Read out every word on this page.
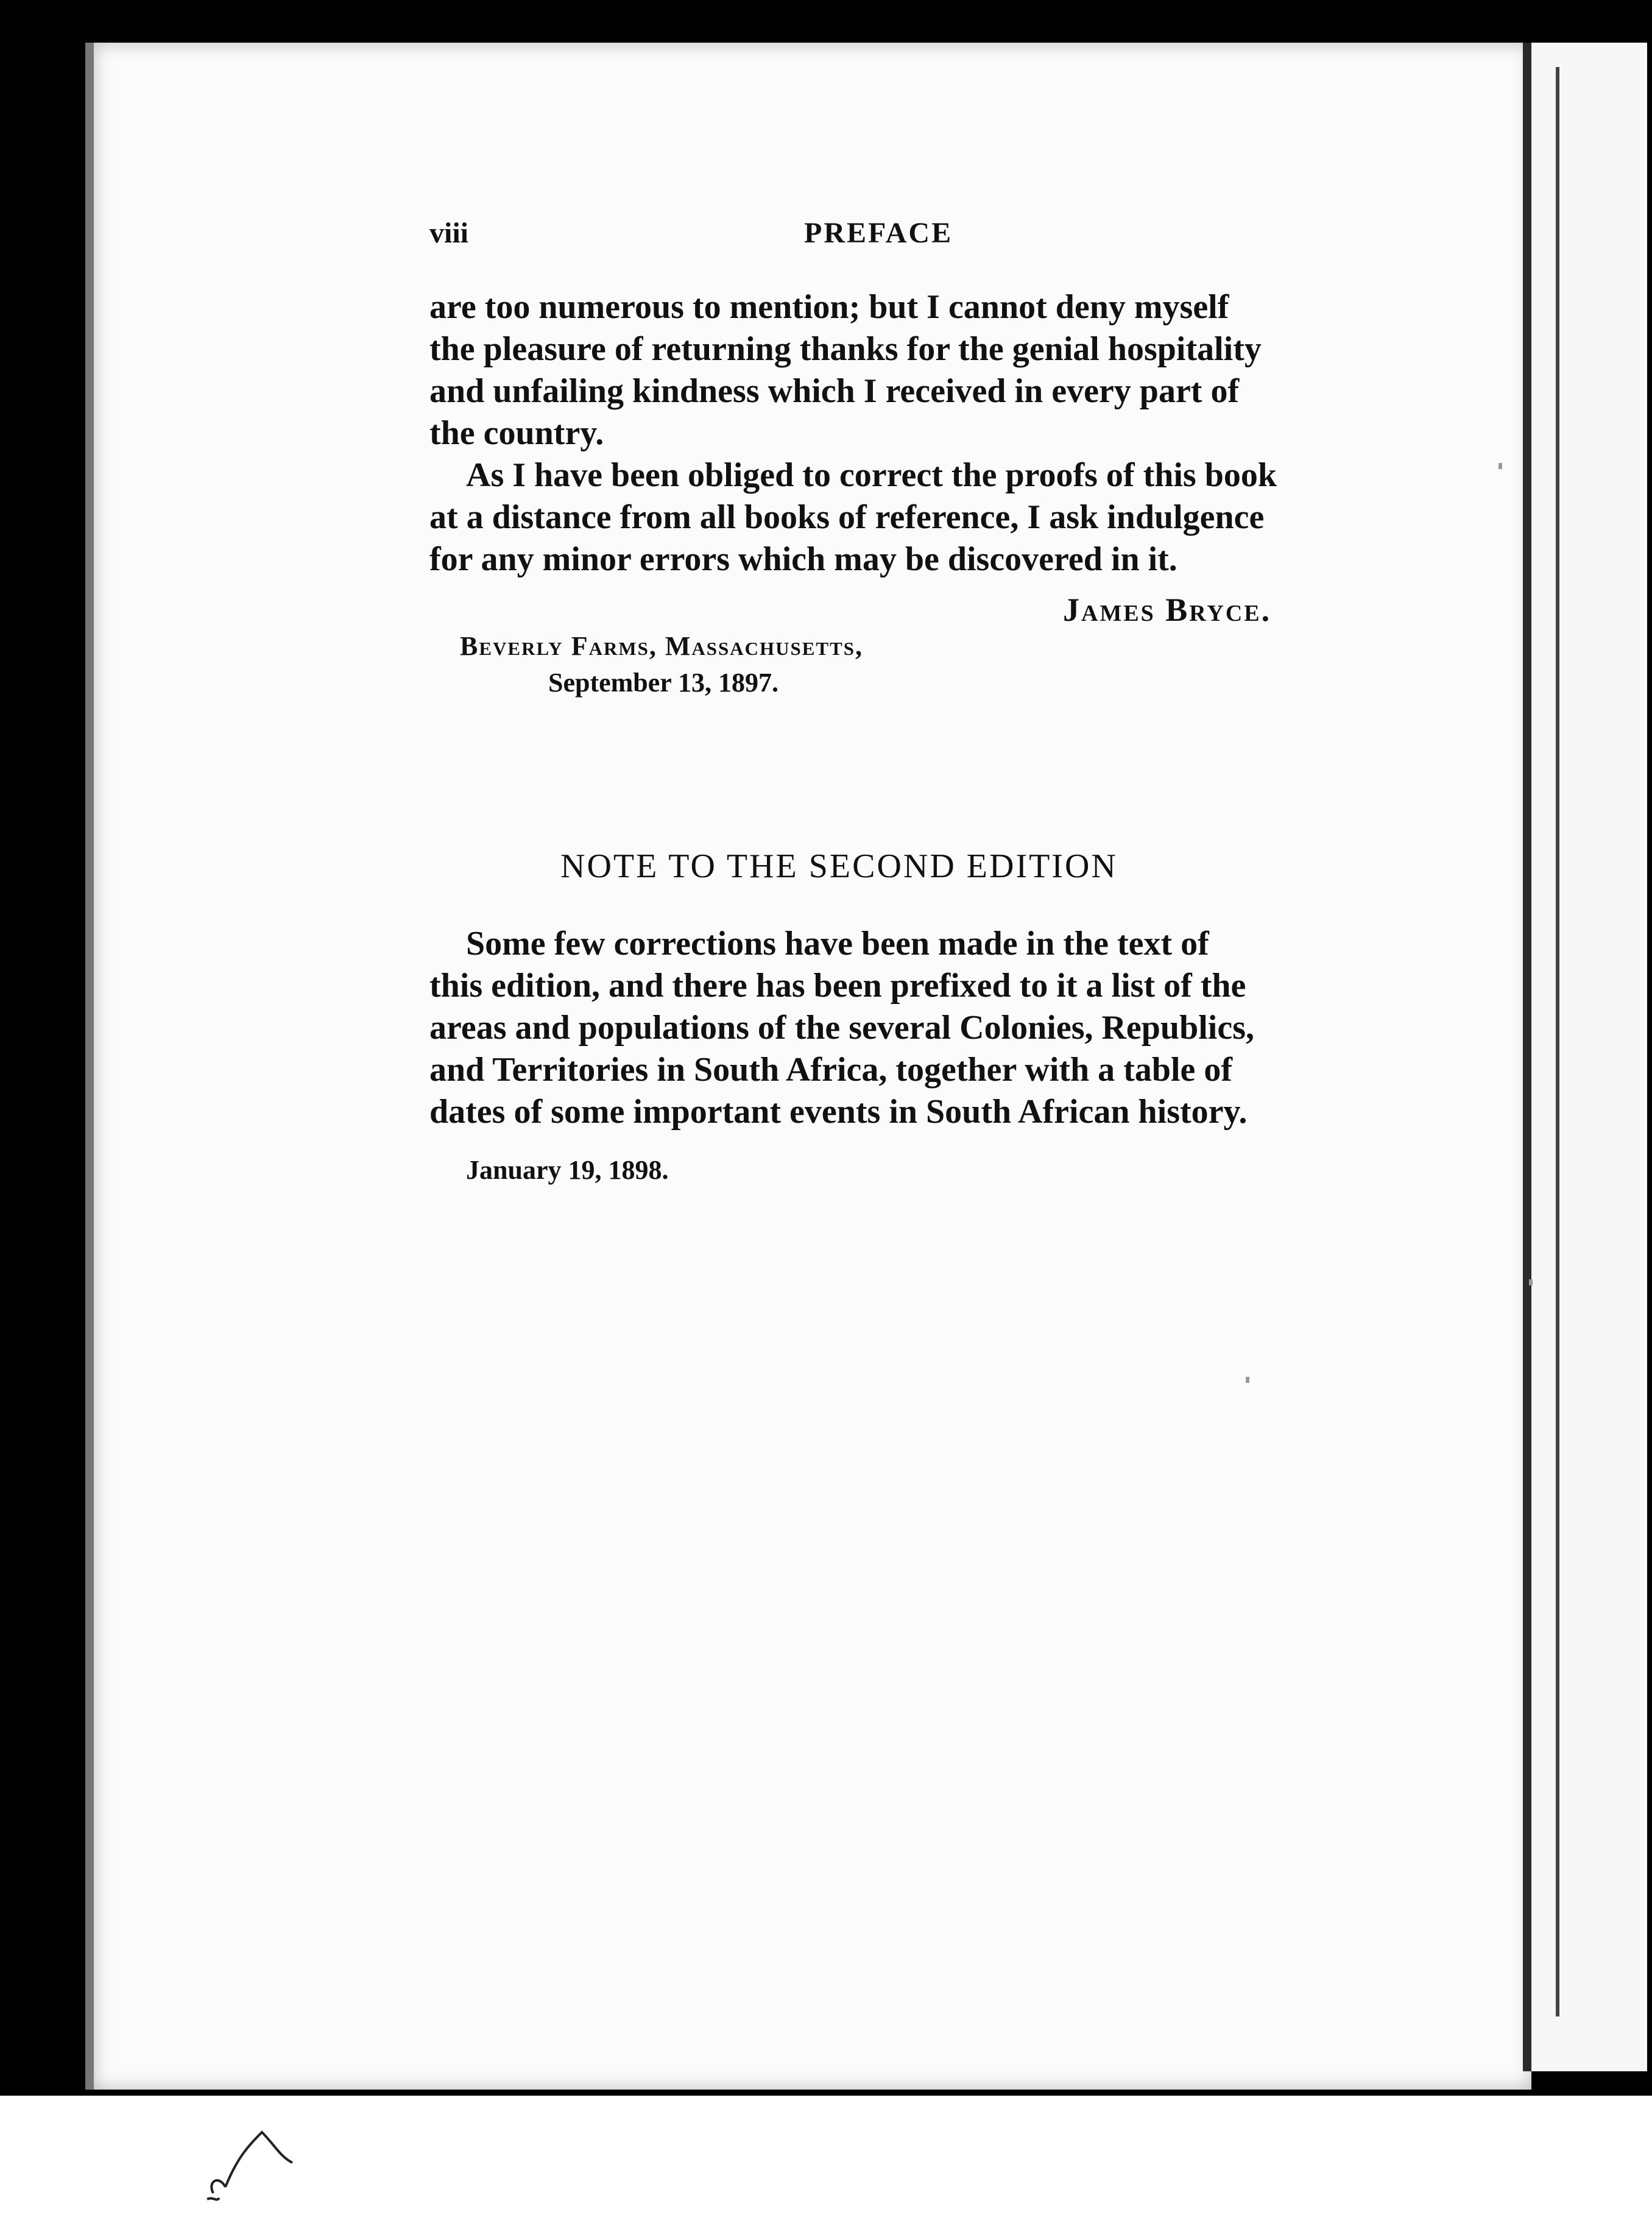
viii	PREFACE

are too numerous to mention; but I cannot deny myself

the pleasure of returning thanks for the genial hospitality

and unfailing kindness which I received in every part of

the country.

As I have been obliged to correct the proofs of this book

at a distance from all books of reference, I ask indulgence

for any minor errors which may be discovered in it.

James Bryce.
Beverly Farms, Massachusetts,
September 13, 1897.
NOTE TO THE SECOND EDITION

Some few corrections have been made in the text of

this edition, and there has been prefixed to it a list of the

areas and populations of the several Colonies, Republics,

and Territories in South Africa, together with a table of

dates of some important events in South African history.

January 19, 1898.
